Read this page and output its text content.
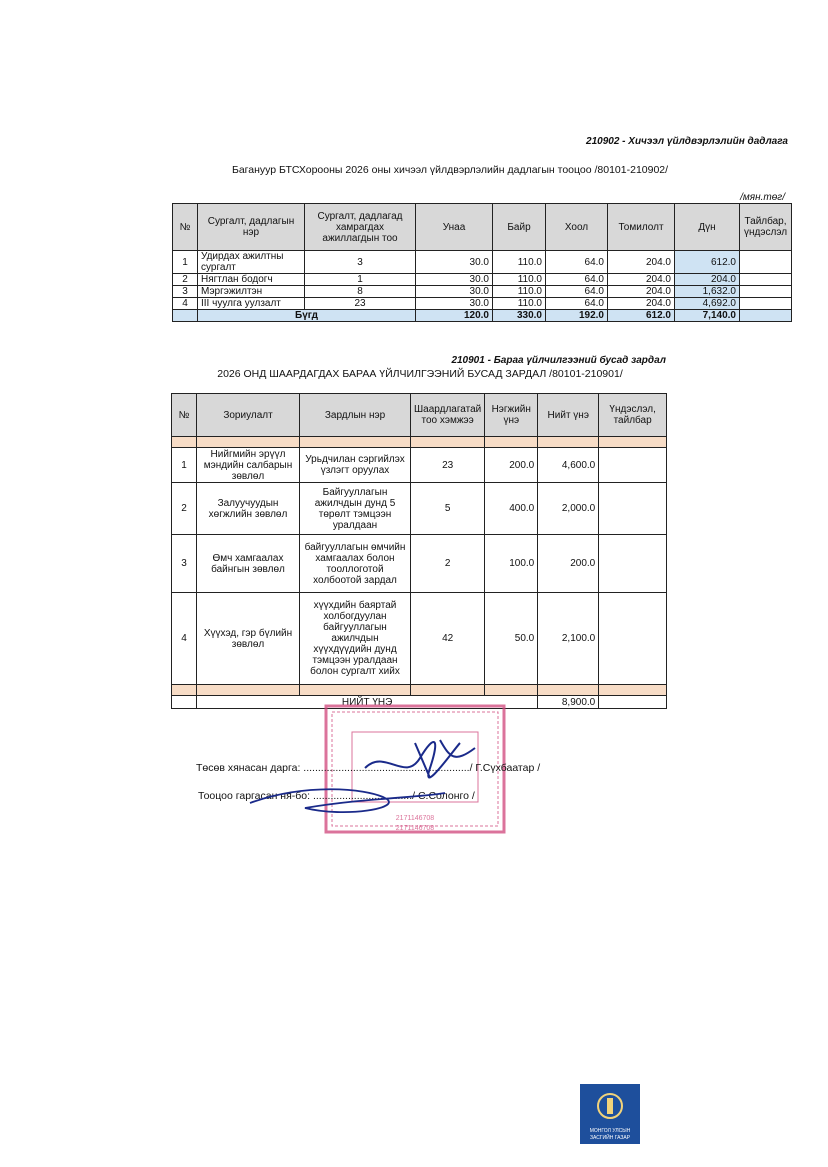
210902 - Хичээл үйлдвэрлэлийн дадлага
Багануур БТСХорооны 2026 оны хичээл үйлдвэрлэлийн дадлагын тооцоо /80101-210902/
/мян.төг/
№	Сургалт, дадлагын нэр	Сургалт, дадлагад хамрагдах ажиллагдын тоо	Унаа	Байр	Хоол	Томилолт	Дүн	Тайлбар, үндэслэл
1	Удирдах ажилтны сургалт	3	30.0	110.0	64.0	204.0	612.0	
2	Нягтлан бодогч	1	30.0	110.0	64.0	204.0	204.0	
3	Мэргэжилтэн	8	30.0	110.0	64.0	204.0	1,632.0	
4	III чуулга уулзалт	23	30.0	110.0	64.0	204.0	4,692.0	
	Бүгд		120.0	330.0	192.0	612.0	7,140.0	
210901 - Бараа үйлчилгээний бусад зардал
2026 ОНД ШААРДАГДАХ БАРАА ҮЙЛЧИЛГЭЭНИЙ БУСАД ЗАРДАЛ /80101-210901/
№	Зориулалт	Зардлын нэр	Шаардлагатай тоо хэмжээ	Нэгжийн үнэ	Нийт үнэ	Үндэслэл, тайлбар

1	Нийгмийн эрүүл мэндийн салбарын зөвлөл	Урьдчилан сэргийлэх үзлэгт оруулах	23	200.0	4,600.0	
2	Залуучуудын хөгжлийн зөвлөл	Байгууллагын ажилчдын дунд 5 төрөлт тэмцээн уралдаан	5	400.0	2,000.0	
3	Өмч хамгаалах байнгын зөвлөл	байгууллагын өмчийн хамгаалах болон тооллоготой холбоотой зардал	2	100.0	200.0	
4	Хүүхэд, гэр бүлийн зөвлөл	хүүхдийн баяртай холбогдуулан байгууллагын ажилчдын хүүхдүүдийн дунд тэмцээн уралдаан болон сургалт хийх	42	50.0	2,100.0	

	НИЙТ ҮНЭ				8,900.0	
2171146708
2171146708
Төсөв хянасан дарга: ........................................................./ Г.Сүхбаатар /
Тооцоо гаргасан ня-бо: ................................../ С.Солонго /
МОНГОЛ УЛСЫН
ЗАСГИЙН ГАЗАР
